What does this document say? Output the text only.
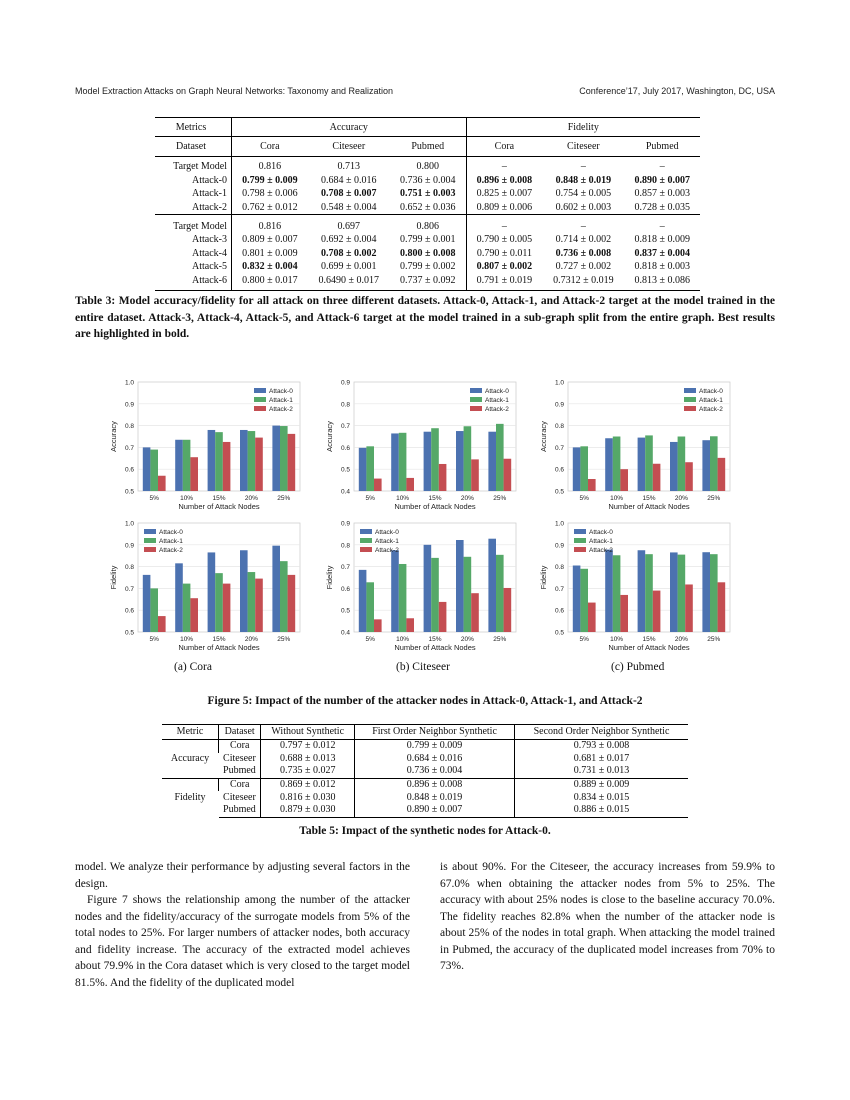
Model Extraction Attacks on Graph Neural Networks: Taxonomy and Realization	Conference’17, July 2017, Washington, DC, USA
Metrics	Accuracy			Fidelity		
Dataset	Cora	Citeseer	Pubmed	Cora	Citeseer	Pubmed
Target Model	0.816	0.713	0.800	–	–	–
Attack-0	0.799 ± 0.009	0.684 ± 0.016	0.736 ± 0.004	0.896 ± 0.008	0.848 ± 0.019	0.890 ± 0.007
Attack-1	0.798 ± 0.006	0.708 ± 0.007	0.751 ± 0.003	0.825 ± 0.007	0.754 ± 0.005	0.857 ± 0.003
Attack-2	0.762 ± 0.012	0.548 ± 0.004	0.652 ± 0.036	0.809 ± 0.006	0.602 ± 0.003	0.728 ± 0.035
Target Model	0.816	0.697	0.806	–	–	–
Attack-3	0.809 ± 0.007	0.692 ± 0.004	0.799 ± 0.001	0.790 ± 0.005	0.714 ± 0.002	0.818 ± 0.009
Attack-4	0.801 ± 0.009	0.708 ± 0.002	0.800 ± 0.008	0.790 ± 0.011	0.736 ± 0.008	0.837 ± 0.004
Attack-5	0.832 ± 0.004	0.699 ± 0.001	0.799 ± 0.002	0.807 ± 0.002	0.727 ± 0.002	0.818 ± 0.003
Attack-6	0.800 ± 0.017	0.6490 ± 0.017	0.737 ± 0.092	0.791 ± 0.019	0.7312 ± 0.019	0.813 ± 0.086
Table 3: Model accuracy/fidelity for all attack on three different datasets. Attack-0, Attack-1, and Attack-2 target at the model trained in the entire dataset. Attack-3, Attack-4, Attack-5, and Attack-6 target at the model trained in a sub-graph split from the entire graph. Best results are highlighted in bold.
0.5
0.6
0.7
0.8
0.9
1.0
5%	10%	15%	20%	25%
Number of Attack Nodes
Accuracy
Attack-0
Attack-1
Attack-2
0.4
0.5
0.6
0.7
0.8
0.9
5%	10%	15%	20%	25%
Number of Attack Nodes
Accuracy
Attack-0
Attack-1
Attack-2
0.5
0.6
0.7
0.8
0.9
1.0
5%	10%	15%	20%	25%
Number of Attack Nodes
Accuracy
Attack-0
Attack-1
Attack-2
0.5
0.6
0.7
0.8
0.9
1.0
5%	10%	15%	20%	25%
Number of Attack Nodes
Fidelity
Attack-0
Attack-1
Attack-2
0.4
0.5
0.6
0.7
0.8
0.9
5%	10%	15%	20%	25%
Number of Attack Nodes
Fidelity
Attack-0
Attack-1
Attack-2
0.5
0.6
0.7
0.8
0.9
1.0
5%	10%	15%	20%	25%
Number of Attack Nodes
Fidelity
Attack-0
Attack-1
Attack-2
(a) Cora	(b) Citeseer	(c) Pubmed
Figure 5: Impact of the number of the attacker nodes in Attack-0, Attack-1, and Attack-2
Metric	Dataset	Without Synthetic	First Order Neighbor Synthetic	Second Order Neighbor Synthetic
Accuracy	Cora	0.797 ± 0.012	0.799 ± 0.009	0.793 ± 0.008
	Citeseer	0.688 ± 0.013	0.684 ± 0.016	0.681 ± 0.017
	Pubmed	0.735 ± 0.027	0.736 ± 0.004	0.731 ± 0.013
Fidelity	Cora	0.869 ± 0.012	0.896 ± 0.008	0.889 ± 0.009
	Citeseer	0.816 ± 0.030	0.848 ± 0.019	0.834 ± 0.015
	Pubmed	0.879 ± 0.030	0.890 ± 0.007	0.886 ± 0.015
Table 5: Impact of the synthetic nodes for Attack-0.

model. We analyze their performance by adjusting several factors in the design.

Figure 7 shows the relationship among the number of the attacker nodes and the fidelity/accuracy of the surrogate models from 5% of the total nodes to 25%. For larger numbers of attacker nodes, both accuracy and fidelity increase. The accuracy of the extracted model achieves about 79.9% in the Cora dataset which is very closed to the target model 81.5%. And the fidelity of the duplicated model

is about 90%. For the Citeseer, the accuracy increases from 59.9% to 67.0% when obtaining the attacker nodes from 5% to 25%. The accuracy with about 25% nodes is close to the baseline accuracy 70.0%. The fidelity reaches 82.8% when the number of the attacker node is about 25% of the nodes in total graph. When attacking the model trained in Pubmed, the accuracy of the duplicated model increases from 70% to 73%.
